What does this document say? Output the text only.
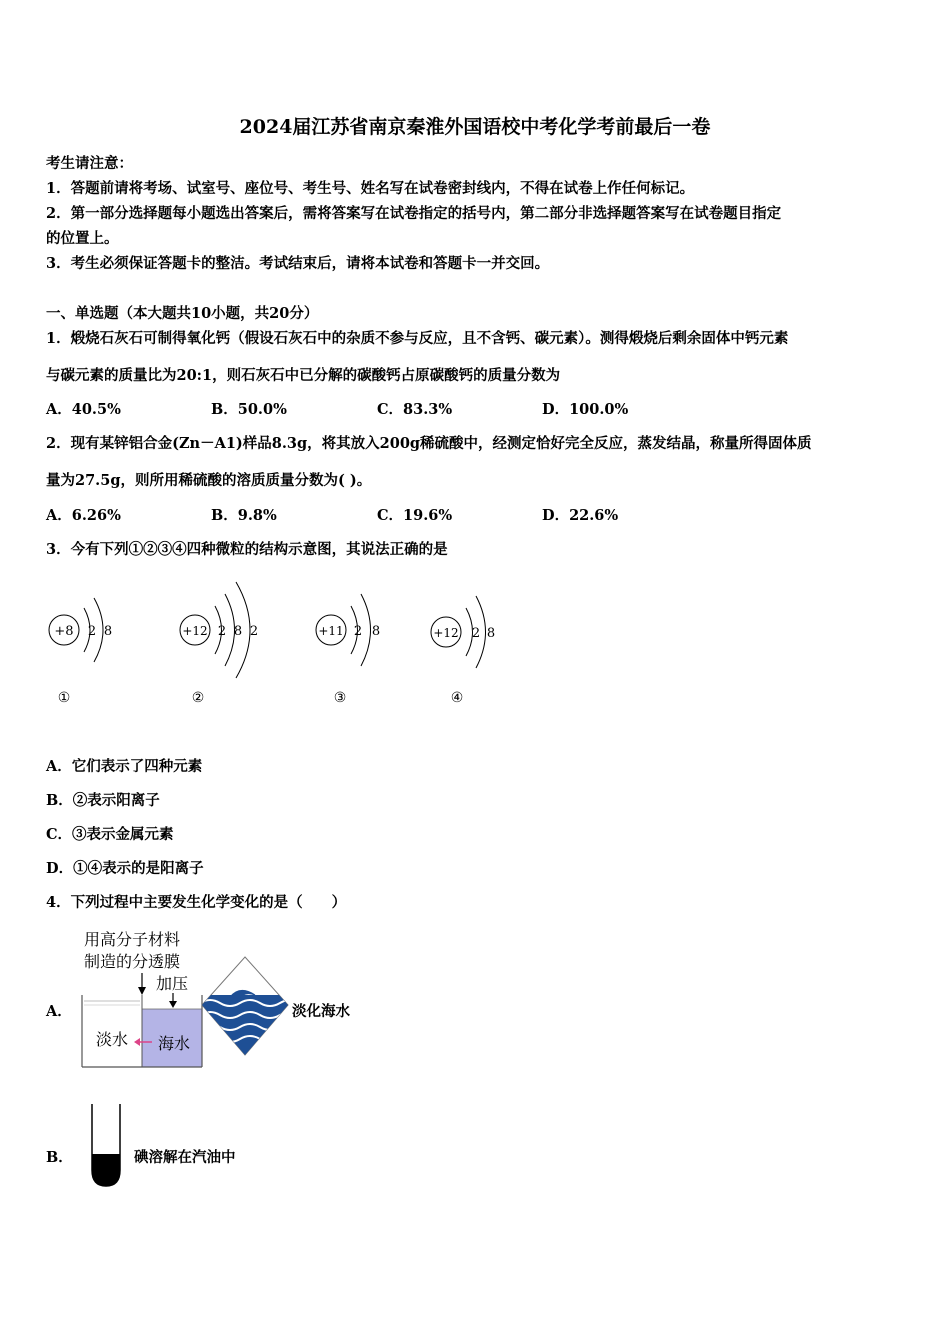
2024届江苏省南京秦淮外国语校中考化学考前最后一卷
考生请注意：
1．答题前请将考场、试室号、座位号、考生号、姓名写在试卷密封线内，不得在试卷上作任何标记。
2．第一部分选择题每小题选出答案后，需将答案写在试卷指定的括号内，第二部分非选择题答案写在试卷题目指定
的位置上。
3．考生必须保证答题卡的整洁。考试结束后，请将本试卷和答题卡一并交回。
一、单选题（本大题共10小题，共20分）
1．煅烧石灰石可制得氧化钙（假设石灰石中的杂质不参与反应，且不含钙、碳元素）。测得煅烧后剩余固体中钙元素
与碳元素的质量比为20:1，则石灰石中已分解的碳酸钙占原碳酸钙的质量分数为
A．40.5%	B．50.0%	C．83.3%	D．100.0%
2．现有某锌铝合金(Zn－A1)样品8.3g，将其放入200g稀硫酸中，经测定恰好完全反应，蒸发结晶，称量所得固体质
量为27.5g，则所用稀硫酸的溶质质量分数为( )。
A．6.26%	B．9.8%	C．19.6%	D．22.6%
3．今有下列①②③④四种微粒的结构示意图，其说法正确的是
+8 2 8
①
+12 2 8 2
②
+11 2 8
③
+12 2 8
④
A．它们表示了四种元素
B．②表示阳离子
C．③表示金属元素
D．①④表示的是阳离子
4．下列过程中主要发生化学变化的是（　　）
A．
用高分子材料
制造的分透膜
加压
淡水 海水
淡化海水
B．	碘溶解在汽油中
